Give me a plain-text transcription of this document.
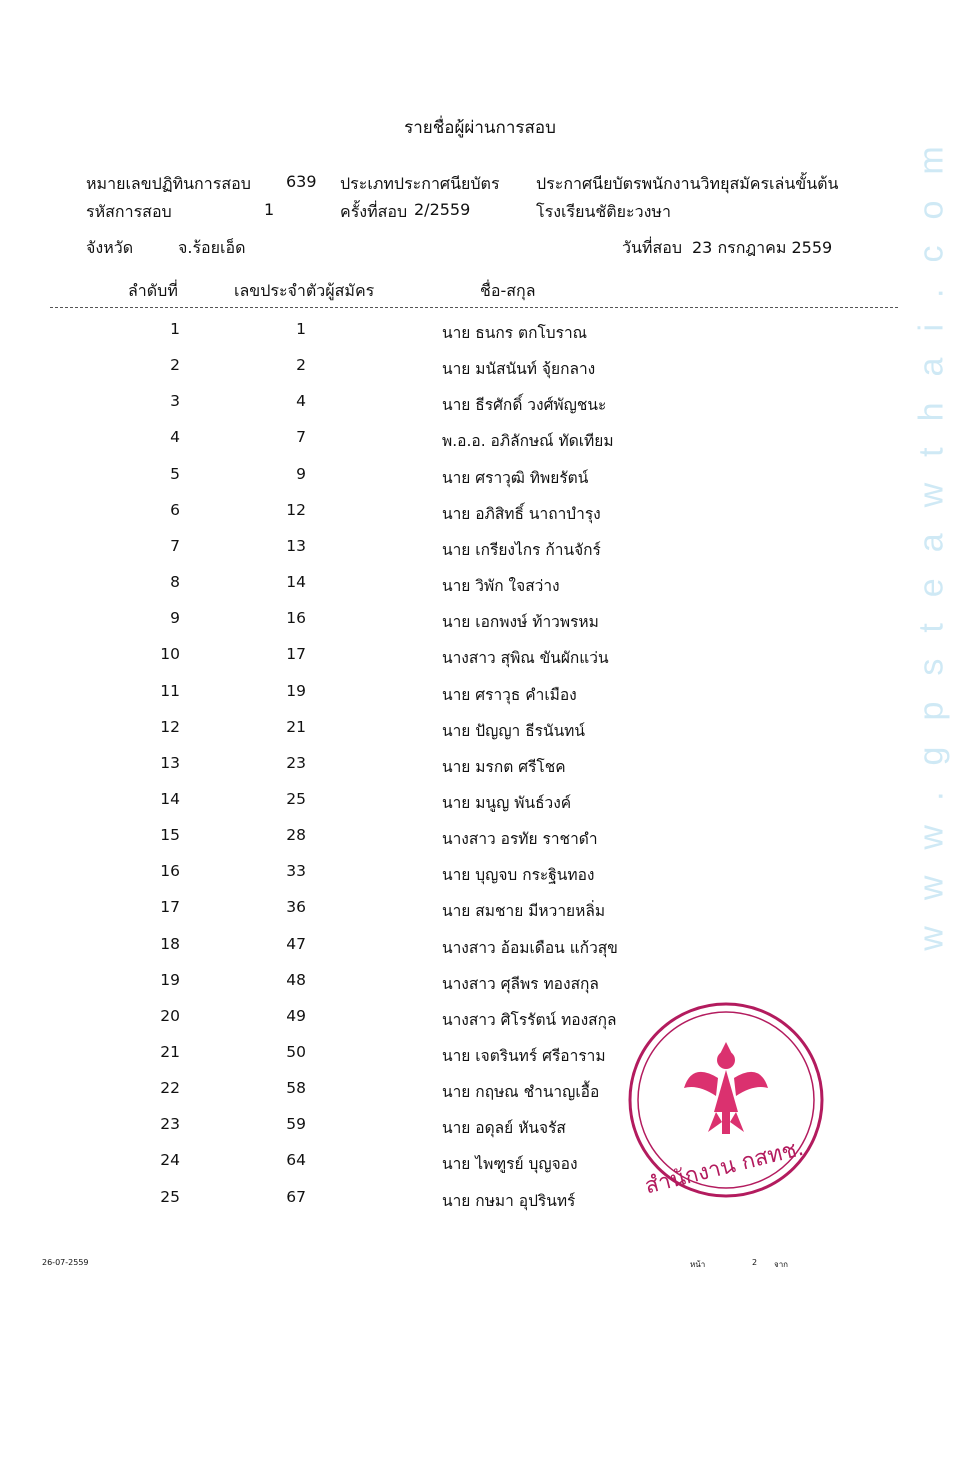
www.gpsteawthai.com
รายชื่อผู้ผ่านการสอบ
หมายเลขปฏิทินการสอบ 639 ประเภทประกาศนียบัตร ประกาศนียบัตรพนักงานวิทยุสมัครเล่นขั้นต้น
รหัสการสอบ	1	ครั้งที่สอบ 2/2559	โรงเรียนชัติยะวงษา
จังหวัด	จ.ร้อยเอ็ด	วันที่สอบ 23 กรกฎาคม 2559
ลำดับที่	เลขประจำตัวผู้สมัคร	ชื่อ-สกุล
1	1	นาย ธนกร ตกโบราณ
2	2	นาย มนัสนันท์ จุ้ยกลาง
3	4	นาย ธีรศักดิ์ วงศ์พัญชนะ
4	7	พ.อ.อ. อภิลักษณ์ ทัดเทียม
5	9	นาย ศราวุฒิ ทิพยรัตน์
6	12	นาย อภิสิทธิ์ นาถาบำรุง
7	13	นาย เกรียงไกร ก้านจักร์
8	14	นาย วิพัก ใจสว่าง
9	16	นาย เอกพงษ์ ท้าวพรหม
10	17	นางสาว สุพิณ ขันผักแว่น
11	19	นาย ศราวุธ คำเมือง
12	21	นาย ปัญญา ธีรนันทน์
13	23	นาย มรกต ศรีโชค
14	25	นาย มนูญ พันธ์วงค์
15	28	นางสาว อรทัย ราชาดำ
16	33	นาย บุญจบ กระฐินทอง
17	36	นาย สมชาย มีหวายหลิ่ม
18	47	นางสาว อ้อมเดือน แก้วสุข
19	48	นางสาว ศุลีพร ทองสกุล
20	49	นางสาว ศิโรรัตน์ ทองสกุล
21	50	นาย เจตรินทร์ ศรีอาราม
22	58	นาย กฤษณ ชำนาญเอื้อ
23	59	นาย อดุลย์ หันจรัส
24	64	นาย ไพฑูรย์ บุญจอง
25	67	นาย กษมา อุปรินทร์
สำนักงาน กสทช.
26-07-2559	หน้า	2 จาก
